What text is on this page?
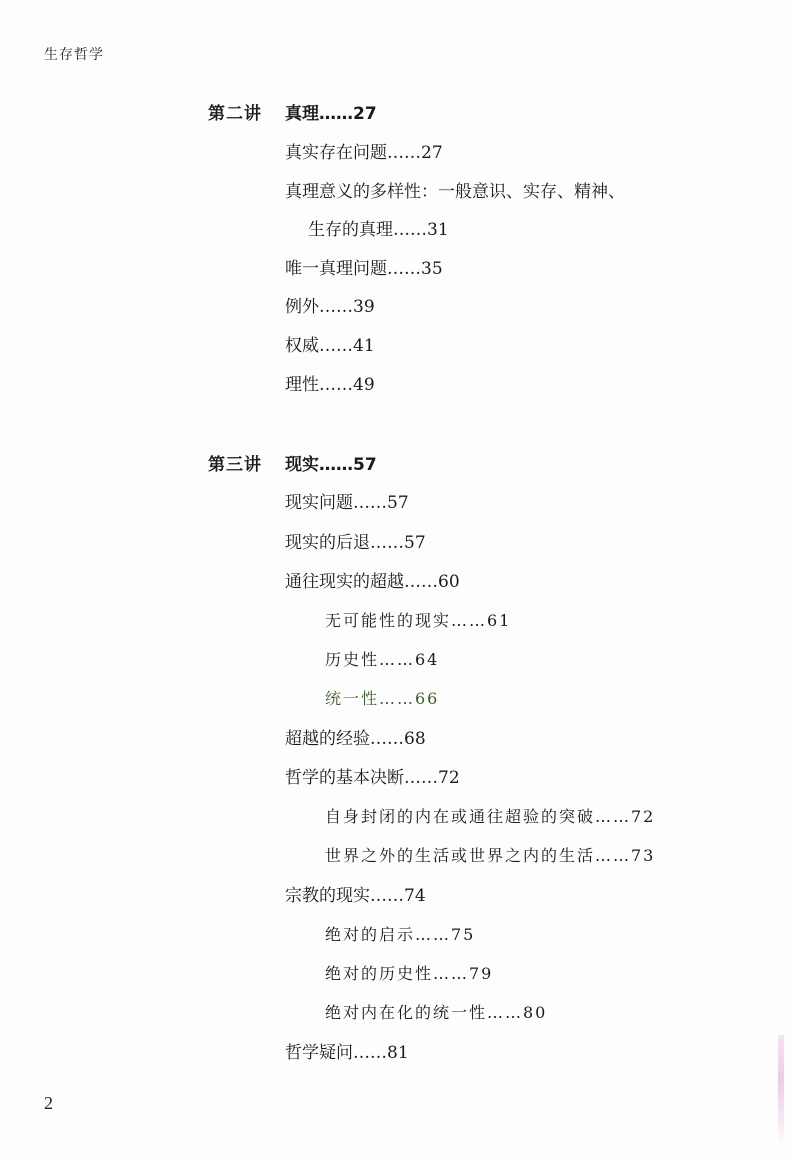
生存哲学
第二讲 真理……27
真实存在问题……27
真理意义的多样性：一般意识、实存、精神、
生存的真理……31
唯一真理问题……35
例外……39
权威……41
理性……49
第三讲 现实……57
现实问题……57
现实的后退……57
通往现实的超越……60
无可能性的现实……61
历史性……64
统一性……66
超越的经验……68
哲学的基本决断……72
自身封闭的内在或通往超验的突破……72
世界之外的生活或世界之内的生活……73
宗教的现实……74
绝对的启示……75
绝对的历史性……79
绝对内在化的统一性……80
哲学疑问……81
2
